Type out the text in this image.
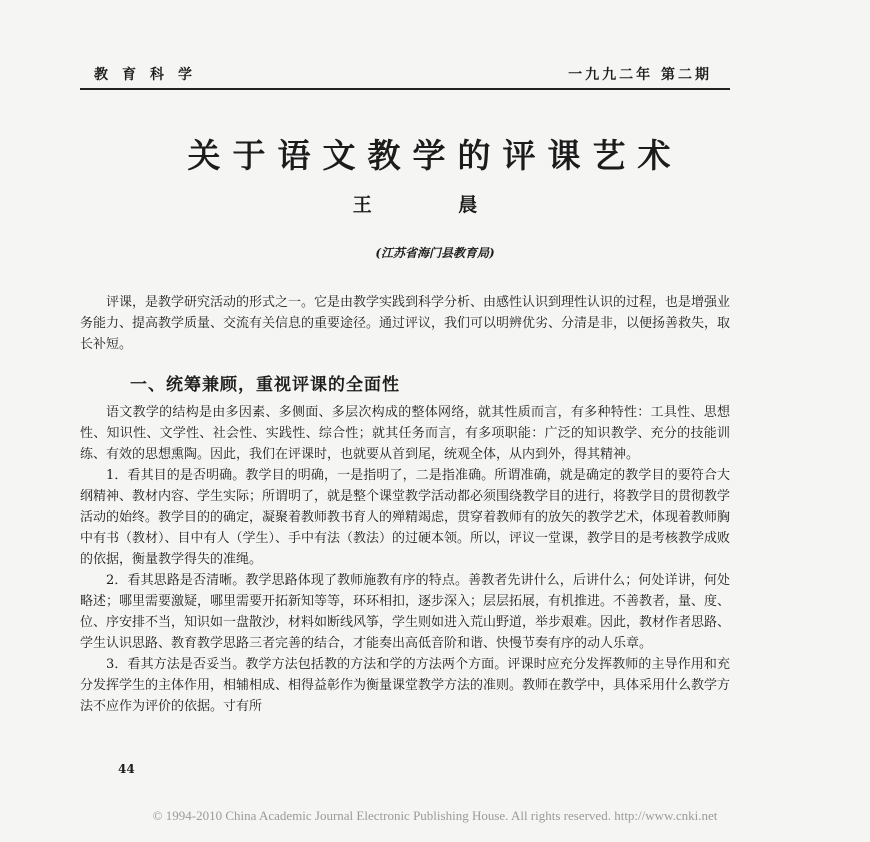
教育科学	一九九二年 第二期
关于语文教学的评课艺术
王 晨
(江苏省海门县教育局)

评课，是教学研究活动的形式之一。它是由教学实践到科学分析、由感性认识到理性认识的过程，也是增强业务能力、提高教学质量、交流有关信息的重要途径。通过评议，我们可以明辨优劣、分清是非，以便扬善救失，取长补短。

一、统筹兼顾，重视评课的全面性

语文教学的结构是由多因素、多侧面、多层次构成的整体网络，就其性质而言，有多种特性：工具性、思想性、知识性、文学性、社会性、实践性、综合性；就其任务而言，有多项职能：广泛的知识教学、充分的技能训练、有效的思想熏陶。因此，我们在评课时，也就要从首到尾，统观全体，从内到外，得其精神。

1．看其目的是否明确。教学目的明确，一是指明了，二是指准确。所谓准确，就是确定的教学目的要符合大纲精神、教材内容、学生实际；所谓明了，就是整个课堂教学活动都必须围绕教学目的进行，将教学目的贯彻教学活动的始终。教学目的的确定，凝聚着教师教书育人的殚精竭虑，贯穿着教师有的放矢的教学艺术，体现着教师胸中有书（教材）、目中有人（学生）、手中有法（教法）的过硬本领。所以，评议一堂课，教学目的是考核教学成败的依据，衡量教学得失的准绳。

2．看其思路是否清晰。教学思路体现了教师施教有序的特点。善教者先讲什么，后讲什么；何处详讲，何处略述；哪里需要激疑，哪里需要开拓新知等等，环环相扣，逐步深入；层层拓展，有机推进。不善教者，量、度、位、序安排不当，知识如一盘散沙，材料如断线风筝，学生则如进入荒山野道，举步艰难。因此，教材作者思路、学生认识思路、教育教学思路三者完善的结合，才能奏出高低音阶和谐、快慢节奏有序的动人乐章。

3．看其方法是否妥当。教学方法包括教的方法和学的方法两个方面。评课时应充分发挥教师的主导作用和充分发挥学生的主体作用，相辅相成、相得益彰作为衡量课堂教学方法的准则。教师在教学中，具体采用什么教学方法不应作为评价的依据。寸有所

44
© 1994-2010 China Academic Journal Electronic Publishing House. All rights reserved. http://www.cnki.net
